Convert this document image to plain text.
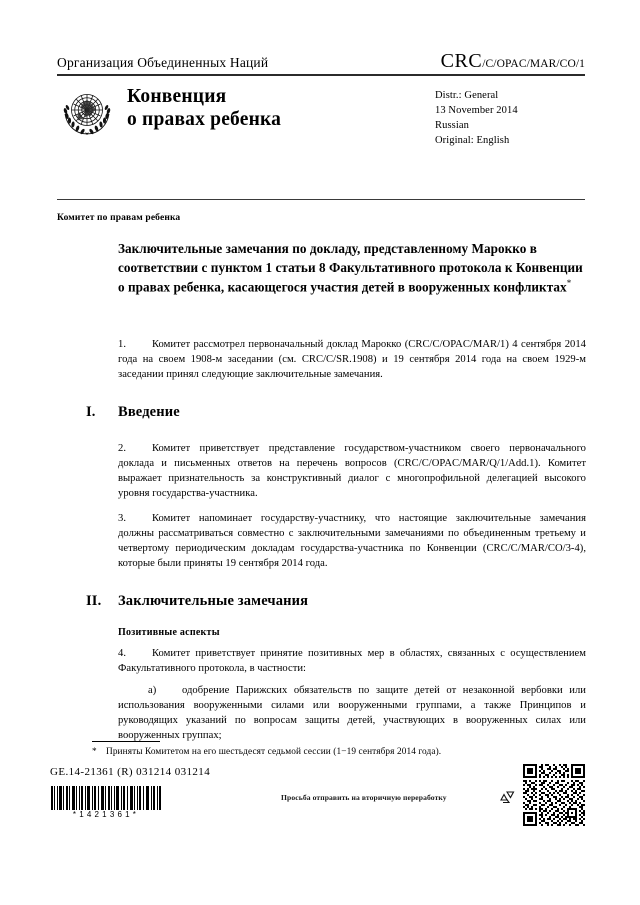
Организация Объединенных Наций	CRC /C/OPAC/MAR/CO/1
Конвенция
о правах ребенка
Distr.: General
13 November 2014
Russian
Original: English
Комитет по правам ребенка
Заключительные замечания по докладу, представленному Марокко в соответствии с пунктом 1 статьи 8 Факультативного протокола к Конвенции о правах ребенка, касающегося участия детей в вооруженных конфликтах*
1. Комитет рассмотрел первоначальный доклад Марокко (CRC/C/OPAC/MAR/1) 4 сентября 2014 года на своем 1908-м заседании (см. CRC/C/SR.1908) и 19 сентября 2014 года на своем 1929-м заседании принял следующие заключительные замечания.
I.	Введение
2. Комитет приветствует представление государством-участником своего первоначального доклада и письменных ответов на перечень вопросов (CRC/C/OPAC/MAR/Q/1/Add.1). Комитет выражает признательность за конструктивный диалог с многопрофильной делегацией высокого уровня государства-участника.
3. Комитет напоминает государству-участнику, что настоящие заключительные замечания должны рассматриваться совместно с заключительными замечаниями по объединенным третьему и четвертому периодическим докладам государства-участника по Конвенции (CRC/C/MAR/CO/3-4), которые были приняты 19 сентября 2014 года.
II.	Заключительные замечания
Позитивные аспекты
4. Комитет приветствует принятие позитивных мер в областях, связанных с осуществлением Факультативного протокола, в частности:
a) одобрение Парижских обязательств по защите детей от незаконной вербовки или использования вооруженными силами или вооруженными группами, а также Принципов и руководящих указаний по вопросам защиты детей, участвующих в вооруженных силах или вооруженных группах;
* Приняты Комитетом на его шестьдесят седьмой сессии (1−19 сентября 2014 года).
GE.14-21361 (R) 031214 031214
*1421361*
Просьба отправить на вторичную переработку
